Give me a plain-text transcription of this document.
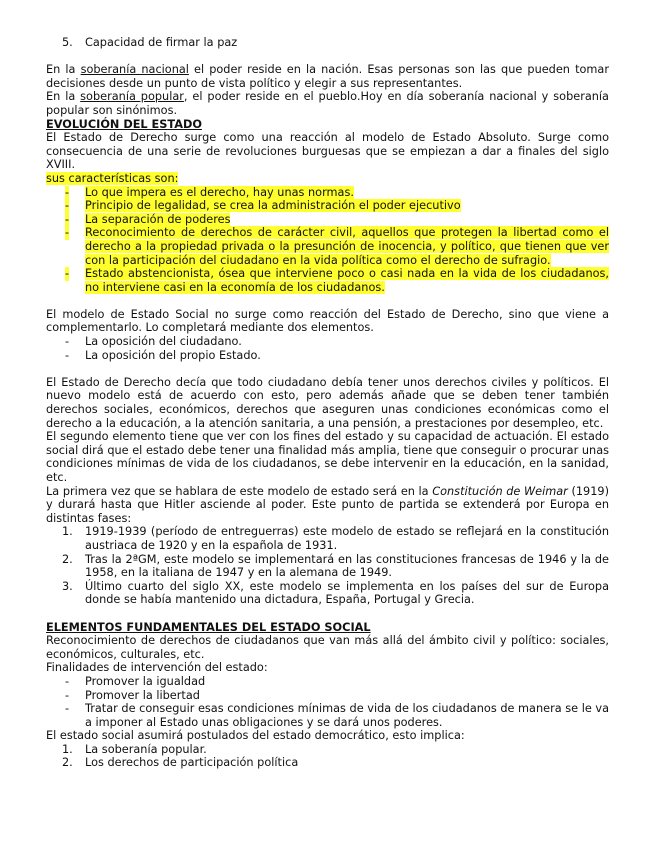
5. Capacidad de firmar la paz

En la soberanía nacional el poder reside en la nación. Esas personas son las que pueden tomar decisiones desde un punto de vista político y elegir a sus representantes.

En la soberanía popular, el poder reside en el pueblo.Hoy en día soberanía nacional y soberanía popular son sinónimos.

EVOLUCIÓN DEL ESTADO

El Estado de Derecho surge como una reacción al modelo de Estado Absoluto. Surge como consecuencia de una serie de revoluciones burguesas que se empiezan a dar a finales del siglo XVIII.

sus características son:

- Lo que impera es el derecho, hay unas normas.
- Principio de legalidad, se crea la administración el poder ejecutivo
- La separación de poderes
- Reconocimiento de derechos de carácter civil, aquellos que protegen la libertad como el derecho a la propiedad privada o la presunción de inocencia, y político, que tienen que ver con la participación del ciudadano en la vida política como el derecho de sufragio.
- Estado abstencionista, ósea que interviene poco o casi nada en la vida de los ciudadanos, no interviene casi en la economía de los ciudadanos.

El modelo de Estado Social no surge como reacción del Estado de Derecho, sino que viene a complementarlo. Lo completará mediante dos elementos.

- La oposición del ciudadano.
- La oposición del propio Estado.

El Estado de Derecho decía que todo ciudadano debía tener unos derechos civiles y políticos. El nuevo modelo está de acuerdo con esto, pero además añade que se deben tener también derechos sociales, económicos, derechos que aseguren unas condiciones económicas como el derecho a la educación, a la atención sanitaria, a una pensión, a prestaciones por desempleo, etc.

El segundo elemento tiene que ver con los fines del estado y su capacidad de actuación. El estado social dirá que el estado debe tener una finalidad más amplia, tiene que conseguir o procurar unas condiciones mínimas de vida de los ciudadanos, se debe intervenir en la educación, en la sanidad, etc.

La primera vez que se hablara de este modelo de estado será en la Constitución de Weimar (1919) y durará hasta que Hitler asciende al poder. Este punto de partida se extenderá por Europa en distintas fases:

1. 1919-1939 (período de entreguerras) este modelo de estado se reflejará en la constitución austriaca de 1920 y en la española de 1931.
2. Tras la 2ªGM, este modelo se implementará en las constituciones francesas de 1946 y la de 1958, en la italiana de 1947 y en la alemana de 1949.
3. Último cuarto del siglo XX, este modelo se implementa en los países del sur de Europa donde se había mantenido una dictadura, España, Portugal y Grecia.
ELEMENTOS FUNDAMENTALES DEL ESTADO SOCIAL

Reconocimiento de derechos de ciudadanos que van más allá del ámbito civil y político: sociales, económicos, culturales, etc.

Finalidades de intervención del estado:

- Promover la igualdad
- Promover la libertad
- Tratar de conseguir esas condiciones mínimas de vida de los ciudadanos de manera se le va a imponer al Estado unas obligaciones y se dará unos poderes.

El estado social asumirá postulados del estado democrático, esto implica:

1. La soberanía popular.
2. Los derechos de participación política
